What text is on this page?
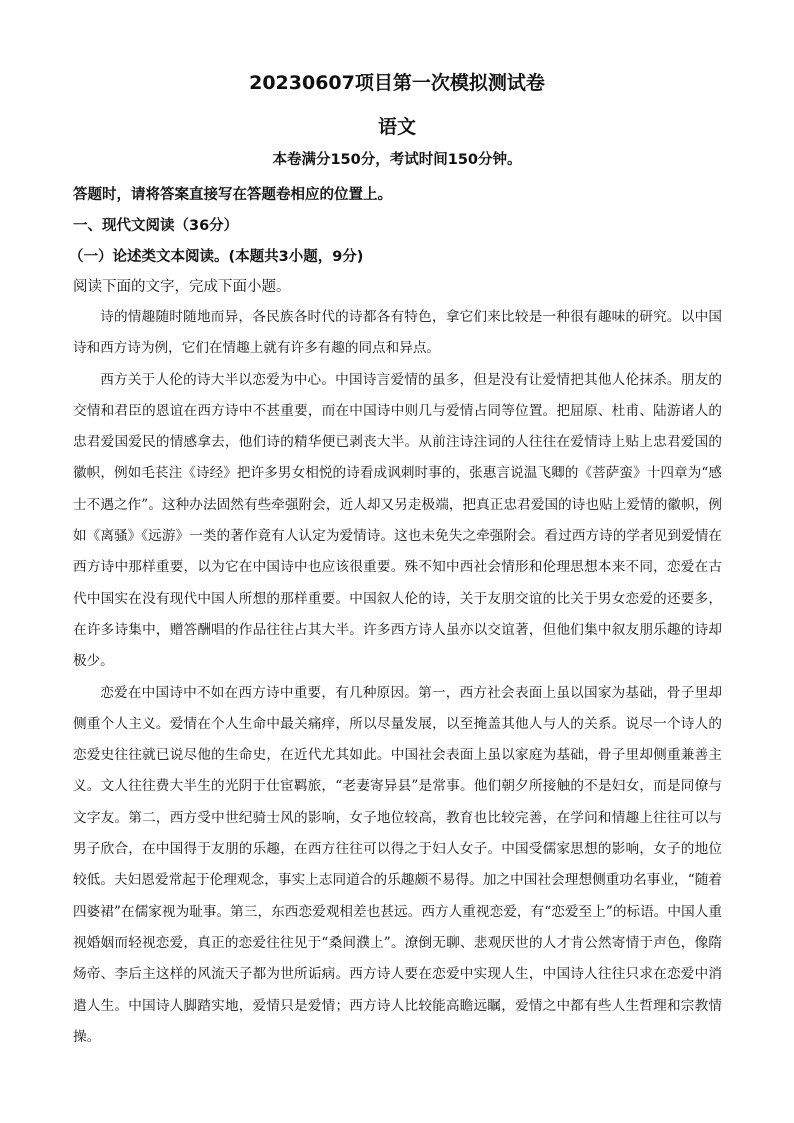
20230607项目第一次模拟测试卷
语文
本卷满分150分，考试时间150分钟。
答题时，请将答案直接写在答题卷相应的位置上。
一、现代文阅读（36分）
（一）论述类文本阅读。(本题共3小题，9分)
阅读下面的文字，完成下面小题。

诗的情趣随时随地而异，各民族各时代的诗都各有特色，拿它们来比较是一种很有趣味的研究。以中国诗和西方诗为例，它们在情趣上就有许多有趣的同点和异点。

西方关于人伦的诗大半以恋爱为中心。中国诗言爱情的虽多，但是没有让爱情把其他人伦抹杀。朋友的交情和君臣的恩谊在西方诗中不甚重要，而在中国诗中则几与爱情占同等位置。把屈原、杜甫、陆游诸人的忠君爱国爱民的情感拿去，他们诗的精华便已剥丧大半。从前注诗注词的人往往在爱情诗上贴上忠君爱国的徽帜，例如毛苌注《诗经》把许多男女相悦的诗看成讽刺时事的，张惠言说温飞卿的《菩萨蛮》十四章为“感士不遇之作”。这种办法固然有些牵强附会，近人却又另走极端，把真正忠君爱国的诗也贴上爱情的徽帜，例如《离骚》《远游》一类的著作竟有人认定为爱情诗。这也未免失之牵强附会。看过西方诗的学者见到爱情在西方诗中那样重要，以为它在中国诗中也应该很重要。殊不知中西社会情形和伦理思想本来不同，恋爱在古代中国实在没有现代中国人所想的那样重要。中国叙人伦的诗，关于友朋交谊的比关于男女恋爱的还要多，在许多诗集中，赠答酬唱的作品往往占其大半。许多西方诗人虽亦以交谊著，但他们集中叙友朋乐趣的诗却极少。

恋爱在中国诗中不如在西方诗中重要，有几种原因。第一，西方社会表面上虽以国家为基础，骨子里却侧重个人主义。爱情在个人生命中最关痛痒，所以尽量发展，以至掩盖其他人与人的关系。说尽一个诗人的恋爱史往往就已说尽他的生命史，在近代尤其如此。中国社会表面上虽以家庭为基础，骨子里却侧重兼善主义。文人往往费大半生的光阴于仕宦羁旅，“老妻寄异县”是常事。他们朝夕所接触的不是妇女，而是同僚与文字友。第二，西方受中世纪骑士风的影响，女子地位较高，教育也比较完善，在学问和情趣上往往可以与男子欣合，在中国得于友朋的乐趣，在西方往往可以得之于妇人女子。中国受儒家思想的影响，女子的地位较低。夫妇恩爱常起于伦理观念，事实上志同道合的乐趣颇不易得。加之中国社会理想侧重功名事业，“随着四婆裙”在儒家视为耻事。第三，东西恋爱观相差也甚远。西方人重视恋爱，有“恋爱至上”的标语。中国人重视婚姻而轻视恋爱，真正的恋爱往往见于“桑间濮上”。潦倒无聊、悲观厌世的人才肯公然寄情于声色，像隋炀帝、李后主这样的风流天子都为世所诟病。西方诗人要在恋爱中实现人生，中国诗人往往只求在恋爱中消遣人生。中国诗人脚踏实地，爱情只是爱情；西方诗人比较能高瞻远瞩，爱情之中都有些人生哲理和宗教情操。
